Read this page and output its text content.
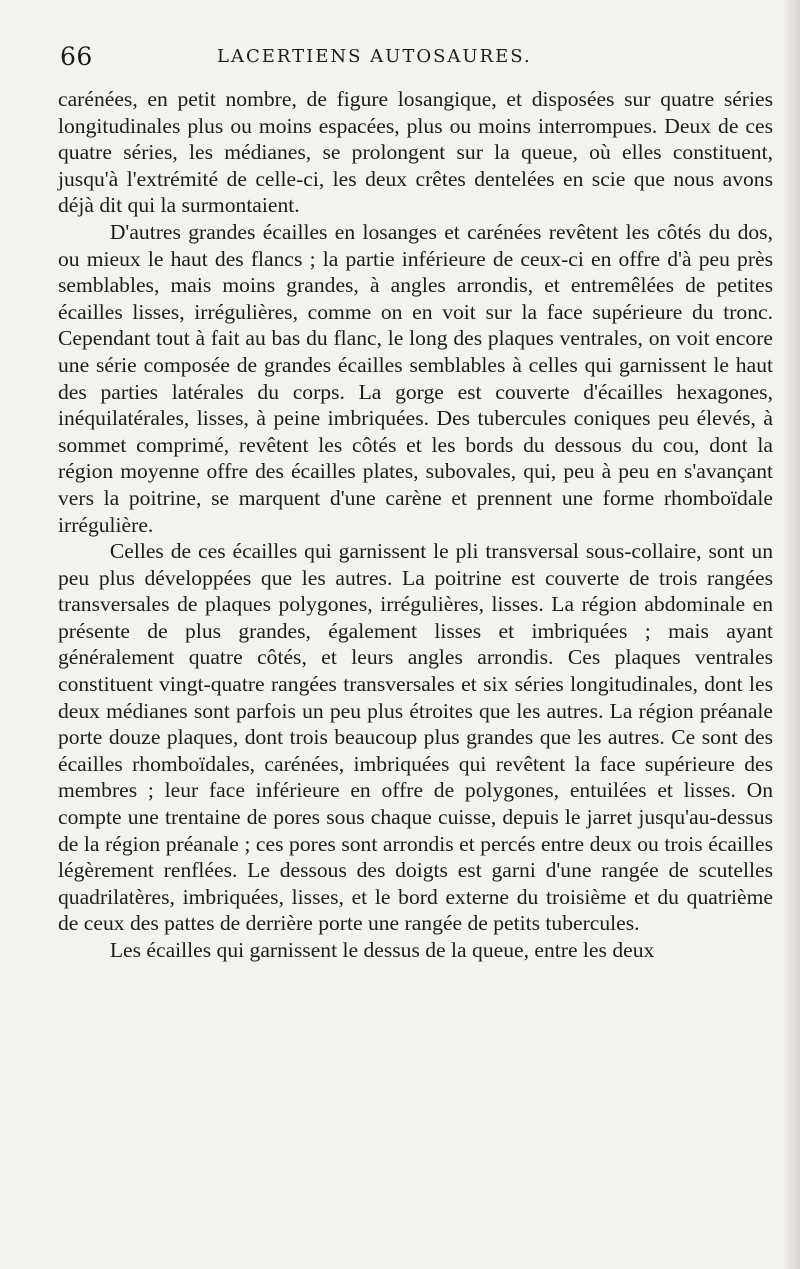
66	LACERTIENS AUTOSAURES.

carénées, en petit nombre, de figure losangique, et disposées sur quatre séries longitudinales plus ou moins espacées, plus ou moins interrompues. Deux de ces quatre séries, les médianes, se prolongent sur la queue, où elles constituent, jusqu'à l'extrémité de celle-ci, les deux crêtes dentelées en scie que nous avons déjà dit qui la surmontaient.

D'autres grandes écailles en losanges et carénées revêtent les côtés du dos, ou mieux le haut des flancs ; la partie inférieure de ceux-ci en offre d'à peu près semblables, mais moins grandes, à angles arrondis, et entremêlées de petites écailles lisses, irrégulières, comme on en voit sur la face supérieure du tronc. Cependant tout à fait au bas du flanc, le long des plaques ventrales, on voit encore une série composée de grandes écailles semblables à celles qui garnissent le haut des parties latérales du corps. La gorge est couverte d'écailles hexagones, inéquilatérales, lisses, à peine imbriquées. Des tubercules coniques peu élevés, à sommet comprimé, revêtent les côtés et les bords du dessous du cou, dont la région moyenne offre des écailles plates, subovales, qui, peu à peu en s'avançant vers la poitrine, se marquent d'une carène et prennent une forme rhomboïdale irrégulière.

Celles de ces écailles qui garnissent le pli transversal sous-collaire, sont un peu plus développées que les autres. La poitrine est couverte de trois rangées transversales de plaques polygones, irrégulières, lisses. La région abdominale en présente de plus grandes, également lisses et imbriquées ; mais ayant généralement quatre côtés, et leurs angles arrondis. Ces plaques ventrales constituent vingt-quatre rangées transversales et six séries longitudinales, dont les deux médianes sont parfois un peu plus étroites que les autres. La région préanale porte douze plaques, dont trois beaucoup plus grandes que les autres. Ce sont des écailles rhomboïdales, carénées, imbriquées qui revêtent la face supérieure des membres ; leur face inférieure en offre de polygones, entuilées et lisses. On compte une trentaine de pores sous chaque cuisse, depuis le jarret jusqu'au-dessus de la région préanale ; ces pores sont arrondis et percés entre deux ou trois écailles légèrement renflées. Le dessous des doigts est garni d'une rangée de scutelles quadrilatères, imbriquées, lisses, et le bord externe du troisième et du quatrième de ceux des pattes de derrière porte une rangée de petits tubercules.

Les écailles qui garnissent le dessus de la queue, entre les deux
